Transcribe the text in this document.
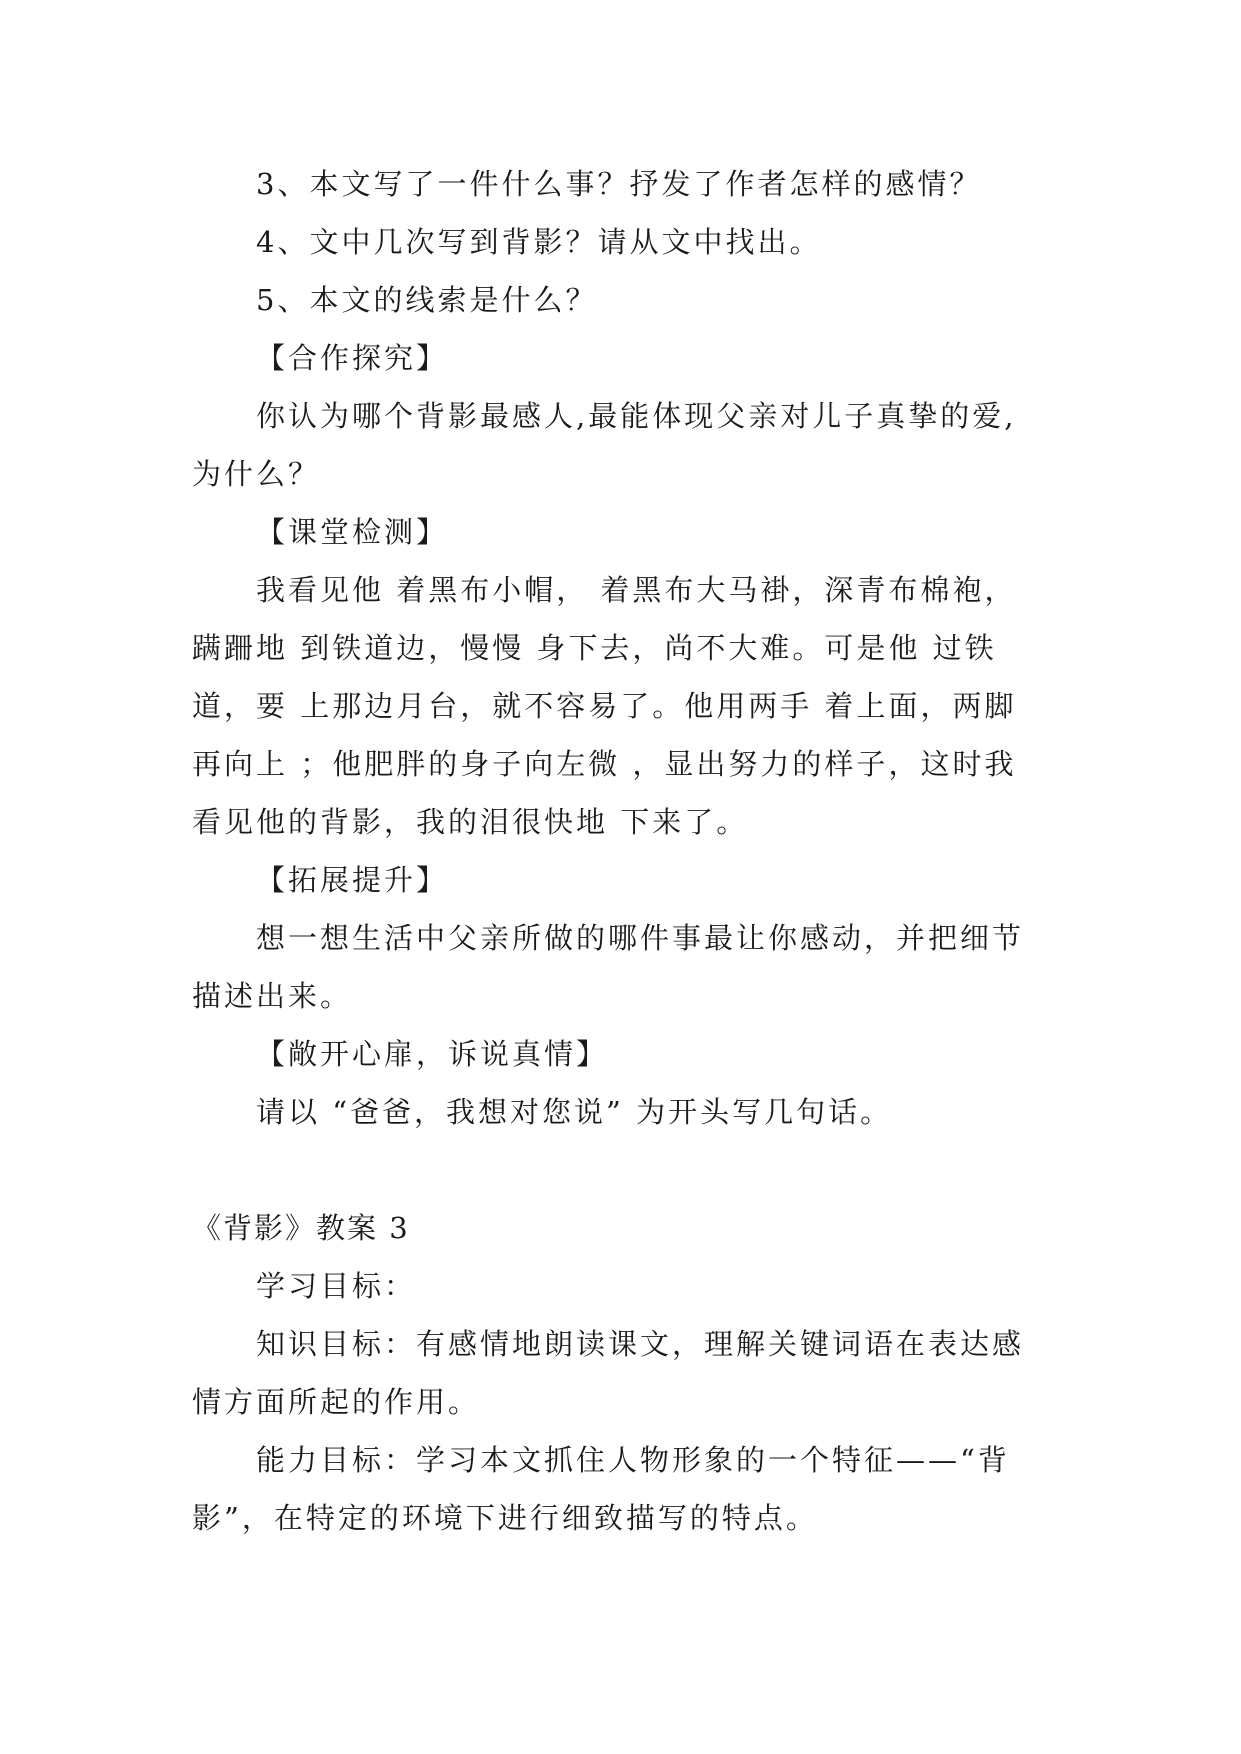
3、本文写了一件什么事？抒发了作者怎样的感情？
4、文中几次写到背影？请从文中找出。
5、本文的线索是什么？
【合作探究】
你认为哪个背影最感人,最能体现父亲对儿子真挚的爱,
为什么？
【课堂检测】
我看见他 着黑布小帽， 着黑布大马褂，深青布棉袍，
蹒跚地 到铁道边，慢慢 身下去，尚不大难。可是他 过铁
道，要 上那边月台，就不容易了。他用两手 着上面，两脚
再向上 ；他肥胖的身子向左微 ，显出努力的样子，这时我
看见他的背影，我的泪很快地 下来了。
【拓展提升】
想一想生活中父亲所做的哪件事最让你感动，并把细节
描述出来。
【敞开心扉，诉说真情】
请以 “爸爸，我想对您说” 为开头写几句话。
《背影》教案 3
学习目标：
知识目标：有感情地朗读课文，理解关键词语在表达感
情方面所起的作用。
能力目标：学习本文抓住人物形象的一个特征——“背
影”，在特定的环境下进行细致描写的特点。
